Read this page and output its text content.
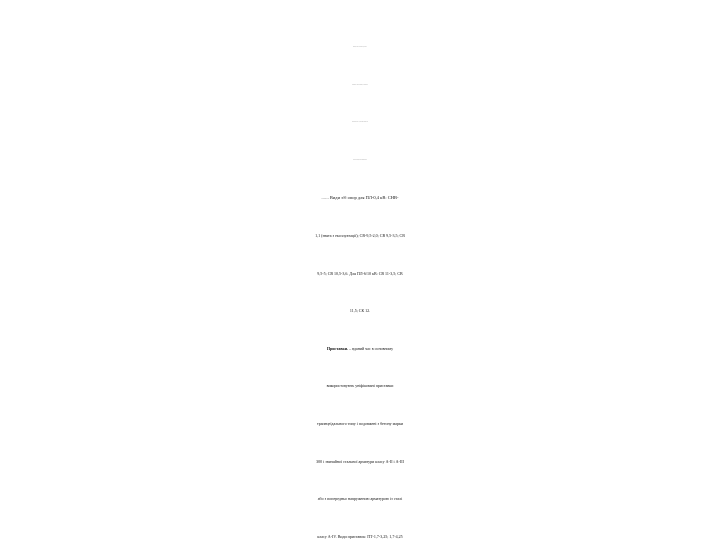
розширення. Види з/б опор для ПЛ-0,4 кВ: СНВ-
1,1 (знята з експлуатації); СВ-9,5-2,0; СВ 9,5-3,5; СВ
9,5-5; СВ 10,5-3,6. Для ПЛ-6/10 кВ: СВ 11-3,5; СВ
11,5; СК 12.
Приставки. – вданий час в основному
використовують уніфіковані приставки
трапецеїдального типу і подовжені з бетону марки
300 і звичайної стальної арматури класу А-ІІ і А-ІІІ
або з попередньо напруженою арматурою із сталі
класу А-ІV. Види приставок: ПТ-1,7-3,25; 1,7-4,25
